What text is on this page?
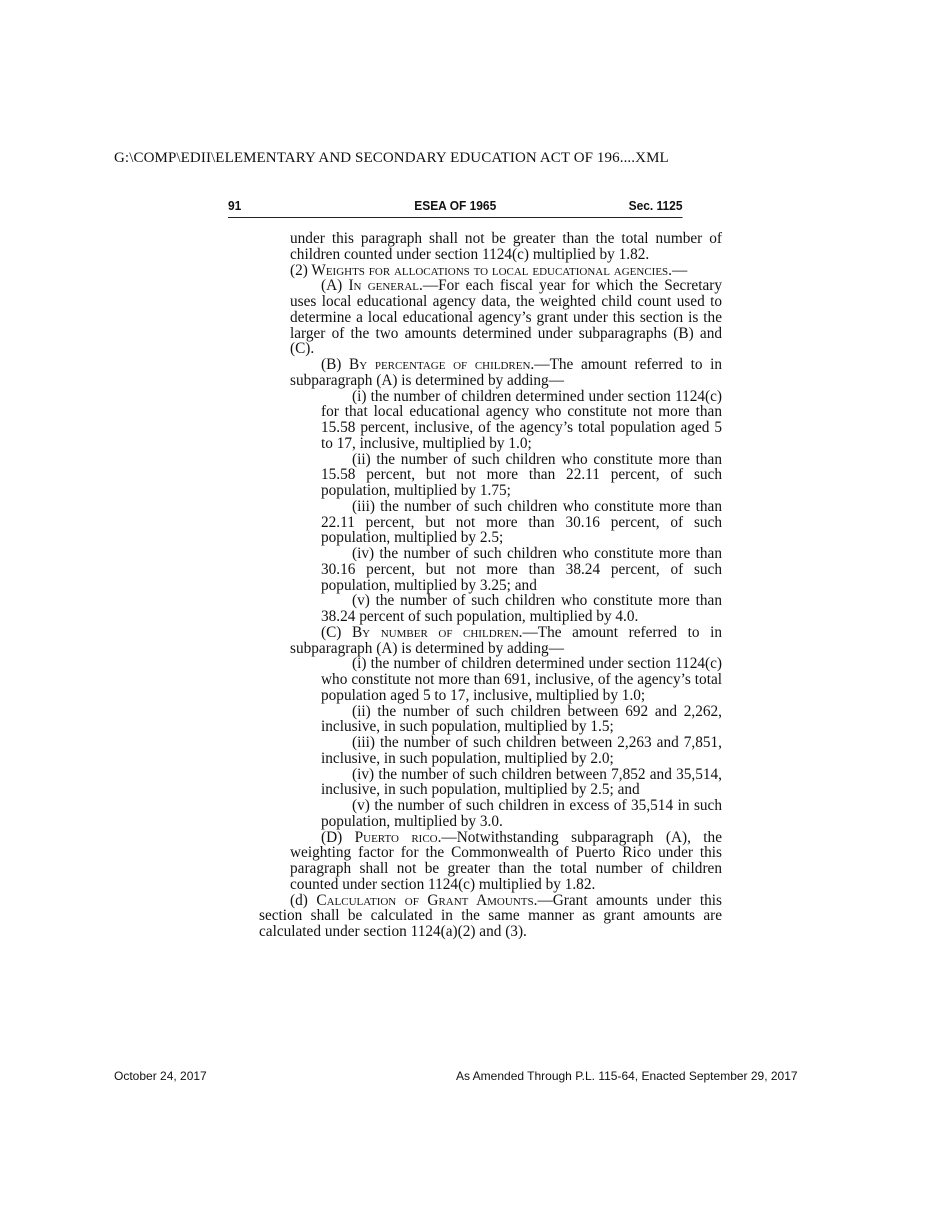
G:\COMP\EDII\ELEMENTARY AND SECONDARY EDUCATION ACT OF 196....XML
91	ESEA OF 1965	Sec. 1125
under this paragraph shall not be greater than the total number of children counted under section 1124(c) multiplied by 1.82.
(2) Weights for allocations to local educational agencies.—
(A) In general.—For each fiscal year for which the Secretary uses local educational agency data, the weighted child count used to determine a local educational agency’s grant under this section is the larger of the two amounts determined under subparagraphs (B) and (C).
(B) By percentage of children.—The amount referred to in subparagraph (A) is determined by adding—
(i) the number of children determined under section 1124(c) for that local educational agency who constitute not more than 15.58 percent, inclusive, of the agency’s total population aged 5 to 17, inclusive, multiplied by 1.0;
(ii) the number of such children who constitute more than 15.58 percent, but not more than 22.11 percent, of such population, multiplied by 1.75;
(iii) the number of such children who constitute more than 22.11 percent, but not more than 30.16 percent, of such population, multiplied by 2.5;
(iv) the number of such children who constitute more than 30.16 percent, but not more than 38.24 percent, of such population, multiplied by 3.25; and
(v) the number of such children who constitute more than 38.24 percent of such population, multiplied by 4.0.
(C) By number of children.—The amount referred to in subparagraph (A) is determined by adding—
(i) the number of children determined under section 1124(c) who constitute not more than 691, inclusive, of the agency’s total population aged 5 to 17, inclusive, multiplied by 1.0;
(ii) the number of such children between 692 and 2,262, inclusive, in such population, multiplied by 1.5;
(iii) the number of such children between 2,263 and 7,851, inclusive, in such population, multiplied by 2.0;
(iv) the number of such children between 7,852 and 35,514, inclusive, in such population, multiplied by 2.5; and
(v) the number of such children in excess of 35,514 in such population, multiplied by 3.0.
(D) Puerto rico.—Notwithstanding subparagraph (A), the weighting factor for the Commonwealth of Puerto Rico under this paragraph shall not be greater than the total number of children counted under section 1124(c) multiplied by 1.82.
(d) Calculation of Grant Amounts.—Grant amounts under this section shall be calculated in the same manner as grant amounts are calculated under section 1124(a)(2) and (3).
October 24, 2017	As Amended Through P.L. 115-64, Enacted September 29, 2017
